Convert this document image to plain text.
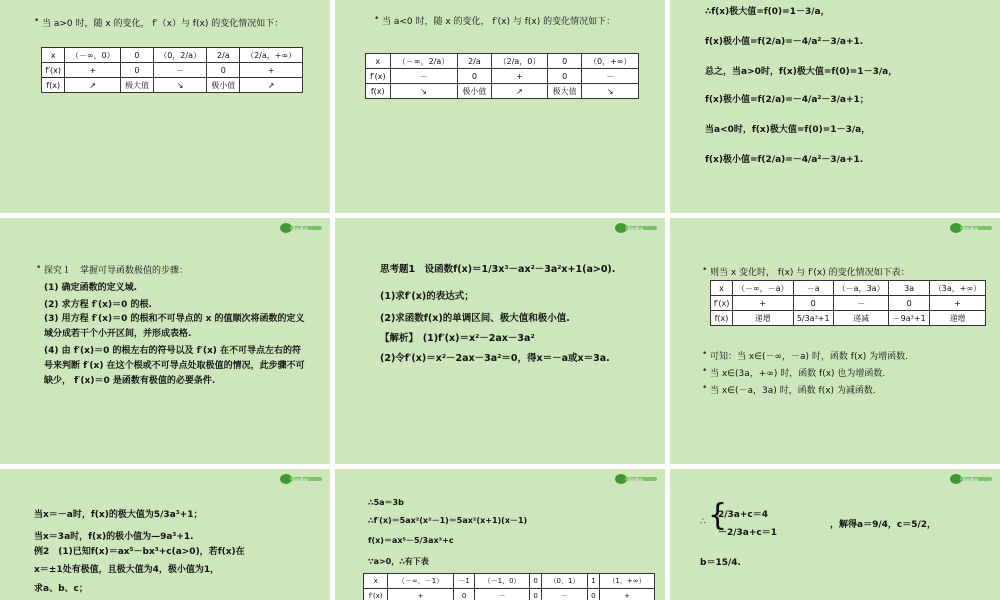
• 当 a>0 时，随 x 的变化， f′（x）与 f(x) 的变化情况如下：
x	（－∞，0）	0	（0，2/a）	2/a	（2/a，+∞）
f′(x)	+	0	－	0	+
f(x)	↗	极大值	↘	极小值	↗
• 当 a<0 时，随 x 的变化， f′(x) 与 f(x) 的变化情况如下：
x	（－∞，2/a）	2/a	（2/a，0）	0	（0，+∞）
f′(x)	－	0	+	0	－
f(x)	↘	极小值	↗	极大值	↘
∴f(x)极大值=f(0)=1－3/a，
f(x)极小值=f(2/a)=－4/a²－3/a+1.
总之，当a>0时，f(x)极大值=f(0)=1－3/a，
f(x)极小值=f(2/a)=－4/a²－3/a+1；
当a<0时，f(x)极大值=f(0)=1－3/a，
f(x)极小值=f(2/a)=－4/a²－3/a+1.
BaoBao
• 探究１　掌握可导函数极值的步骤：
(1) 确定函数的定义域.
(2) 求方程 f′(x)＝0 的根.
(3) 用方程 f′(x)＝0 的根和不可导点的 x 的值顺次将函数的定义域分成若干个小开区间，并形成表格.
(4) 由 f′(x)＝0 的根左右的符号以及 f′(x) 在不可导点左右的符号来判断 f′(x) 在这个根或不可导点处取极值的情况，此步骤不可缺少， f′(x)＝0 是函数有极值的必要条件.
BaoBao
思考题1　设函数f(x)＝1/3x³－ax²－3a²x+1(a>0).
(1)求f′(x)的表达式；
(2)求函数f(x)的单调区间、极大值和极小值.
【解析】　(1)f′(x)＝x²－2ax－3a²
(2)令f′(x)＝x²－2ax－3a²＝0，得x＝－a或x＝3a.
BaoBao
• 则当 x 变化时， f(x) 与 f′(x) 的变化情况如下表：
x	（－∞，－a）	－a	（－a，3a）	3a	（3a，+∞）
f′(x)	+	0	－	0	+
f(x)	递增	5/3a³+1	递减	－9a³+1	递增
• 可知：当 x∈(－∞，－a) 时，函数 f(x) 为增函数.
• 当 x∈(3a，+∞) 时，函数 f(x) 也为增函数.
• 当 x∈(－a，3a) 时，函数 f(x) 为减函数.
BaoBao
当x＝－a时，f(x)的极大值为5/3a³+1；
当x＝3a时，f(x)的极小值为—9a³+1.
例2　(1)已知f(x)＝ax⁵－bx³+c(a>0)，若f(x)在
x＝±1处有极值，且极大值为4，极小值为1，
求a、b、c；
BaoBao
∴5a＝3b
∴f′(x)＝5ax²(x²－1)＝5ax²(x+1)(x－1)
f(x)＝ax⁵－5/3ax³+c
∵a>0，∴有下表
x	（－∞，－1）	－1	（－1，0）	0	（0，1）	1	（1，+∞）
f′(x)	+	0	－	0	－	0	+
BaoBao
∴ {
2/3a+c＝4
－2/3a+c＝1
，解得a＝9/4，c＝5/2，
b＝15/4.
